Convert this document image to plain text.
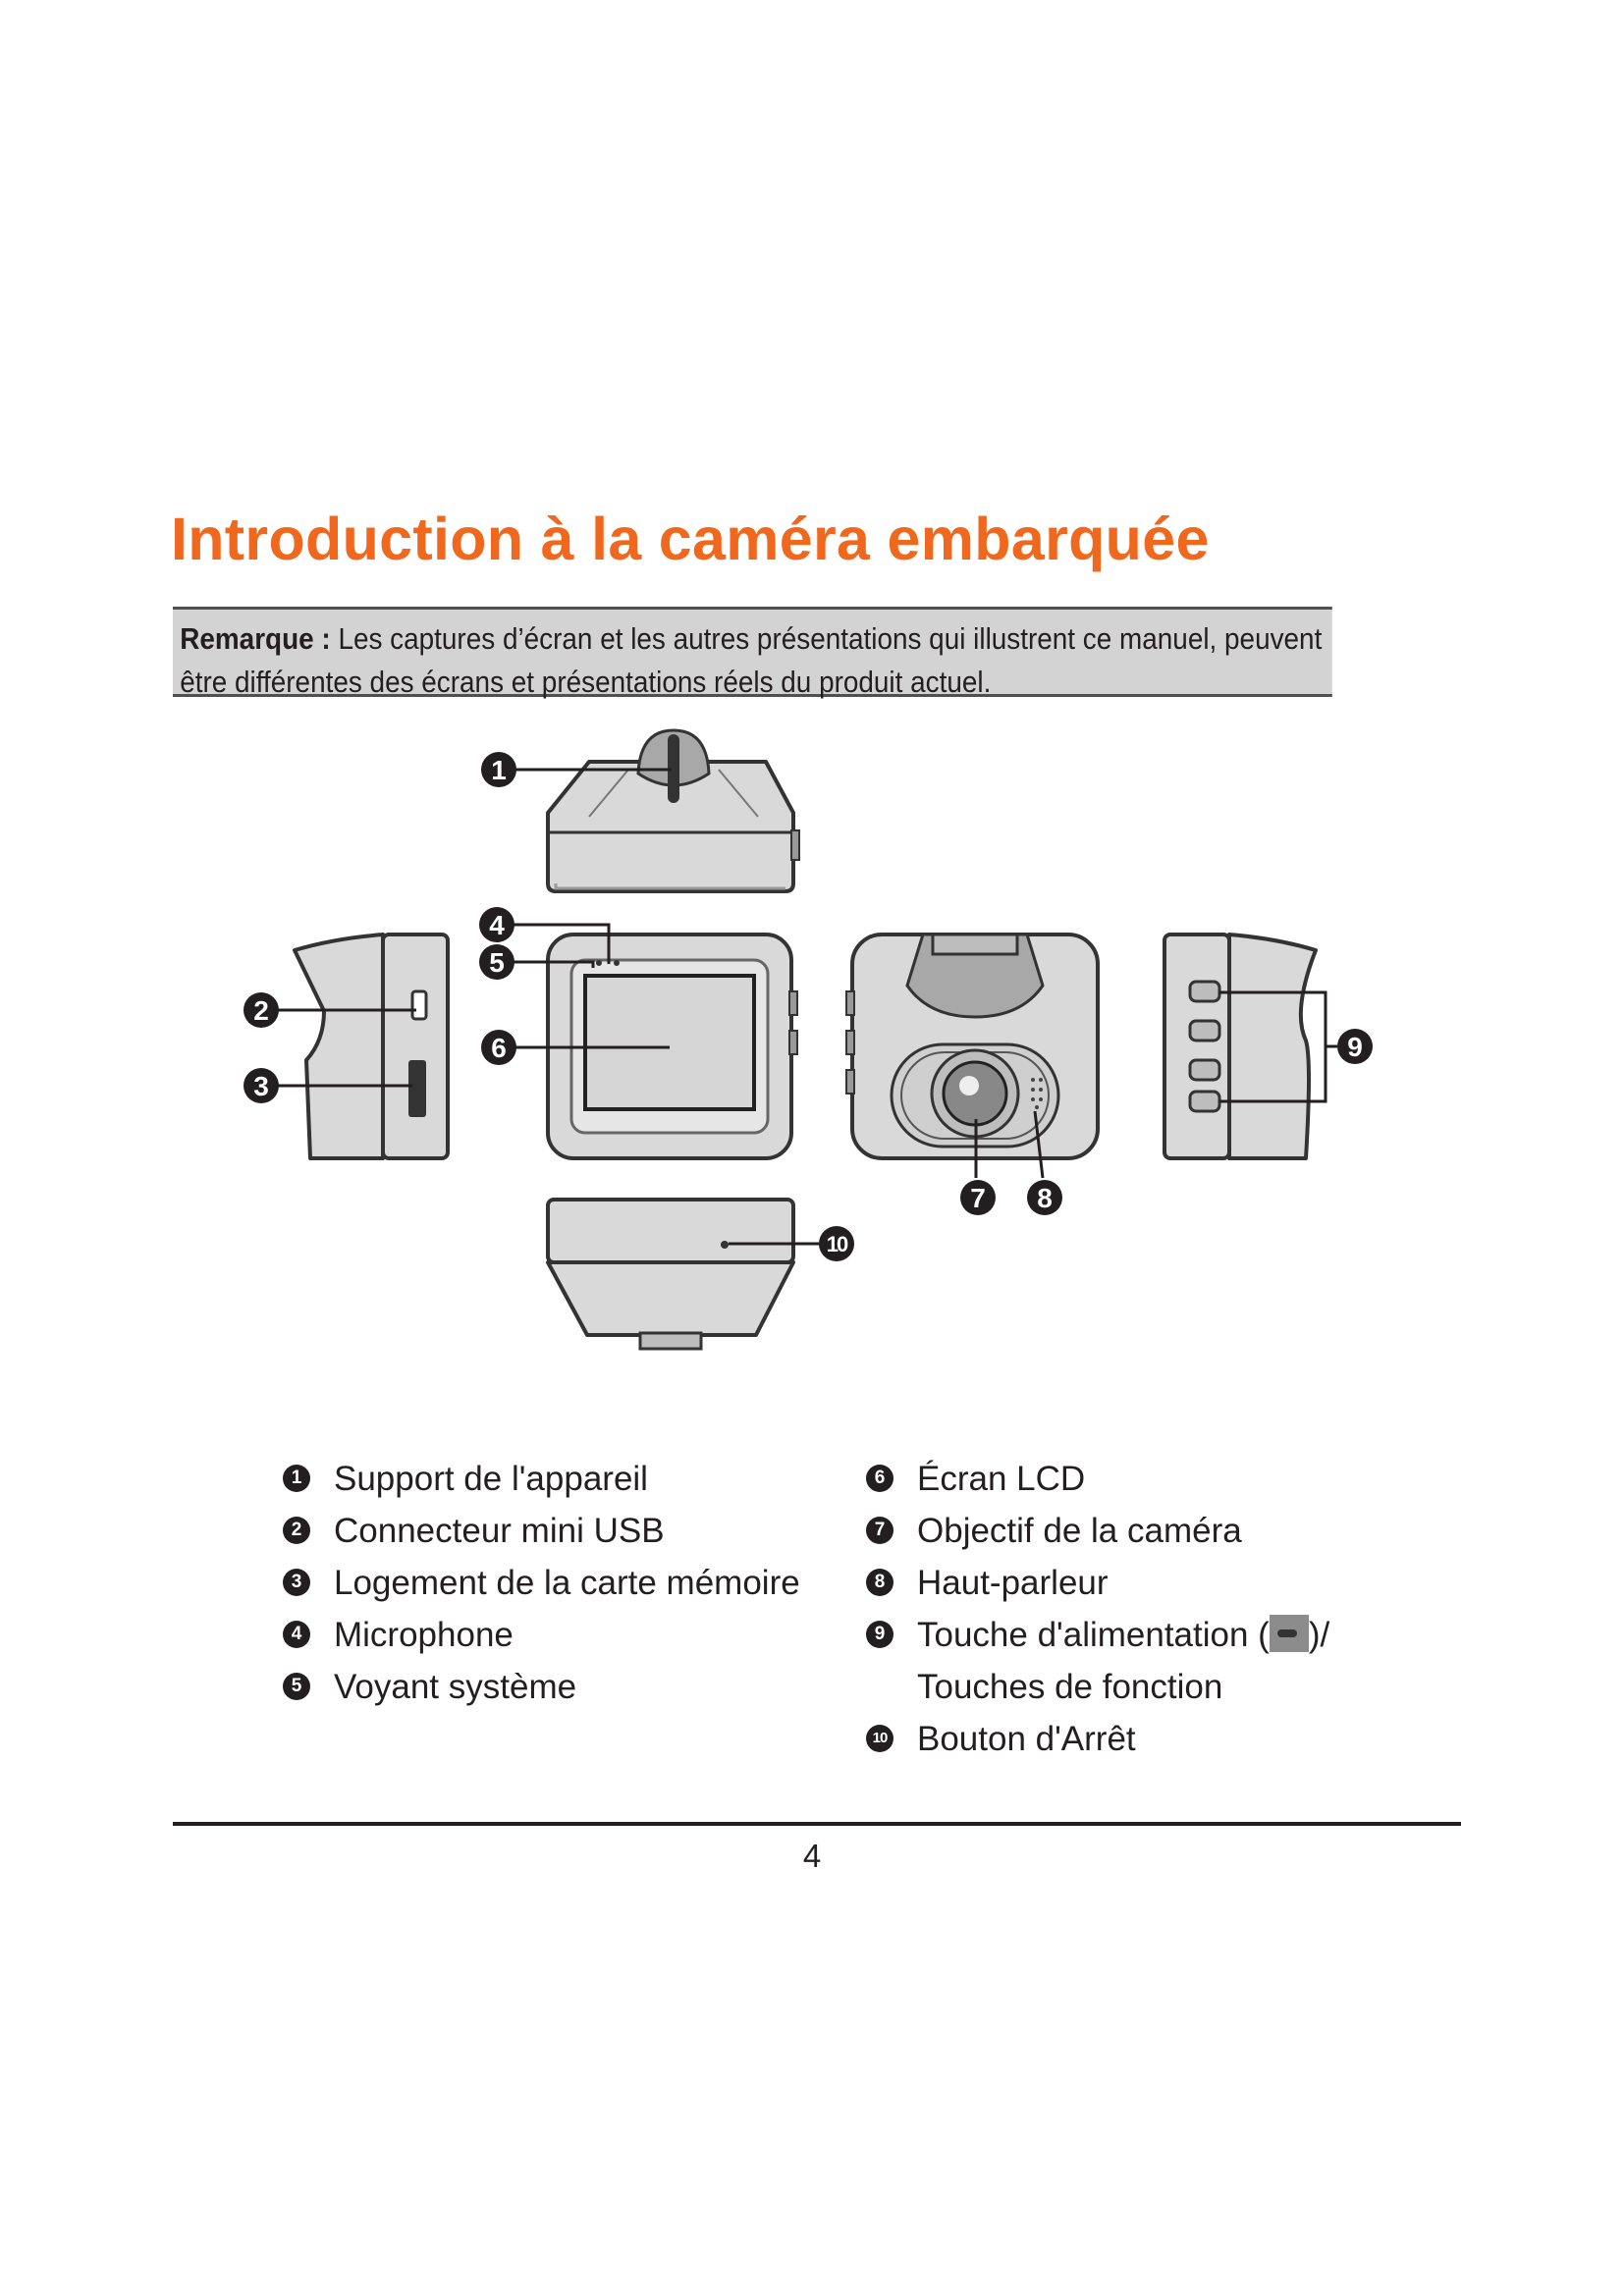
Introduction à la caméra embarquée
Remarque : Les captures d’écran et les autres présentations qui illustrent ce manuel, peuvent être différentes des écrans et présentations réels du produit actuel.
1
2
3
4
5
6
7 8
9
10
1 Support de l'appareil
2 Connecteur mini USB
3 Logement de la carte mémoire
4 Microphone
5 Voyant système
6 Écran LCD
7 Objectif de la caméra
8 Haut-parleur
9 Touche d'alimentation ( )/
Touches de fonction
10 Bouton d'Arrêt
4
